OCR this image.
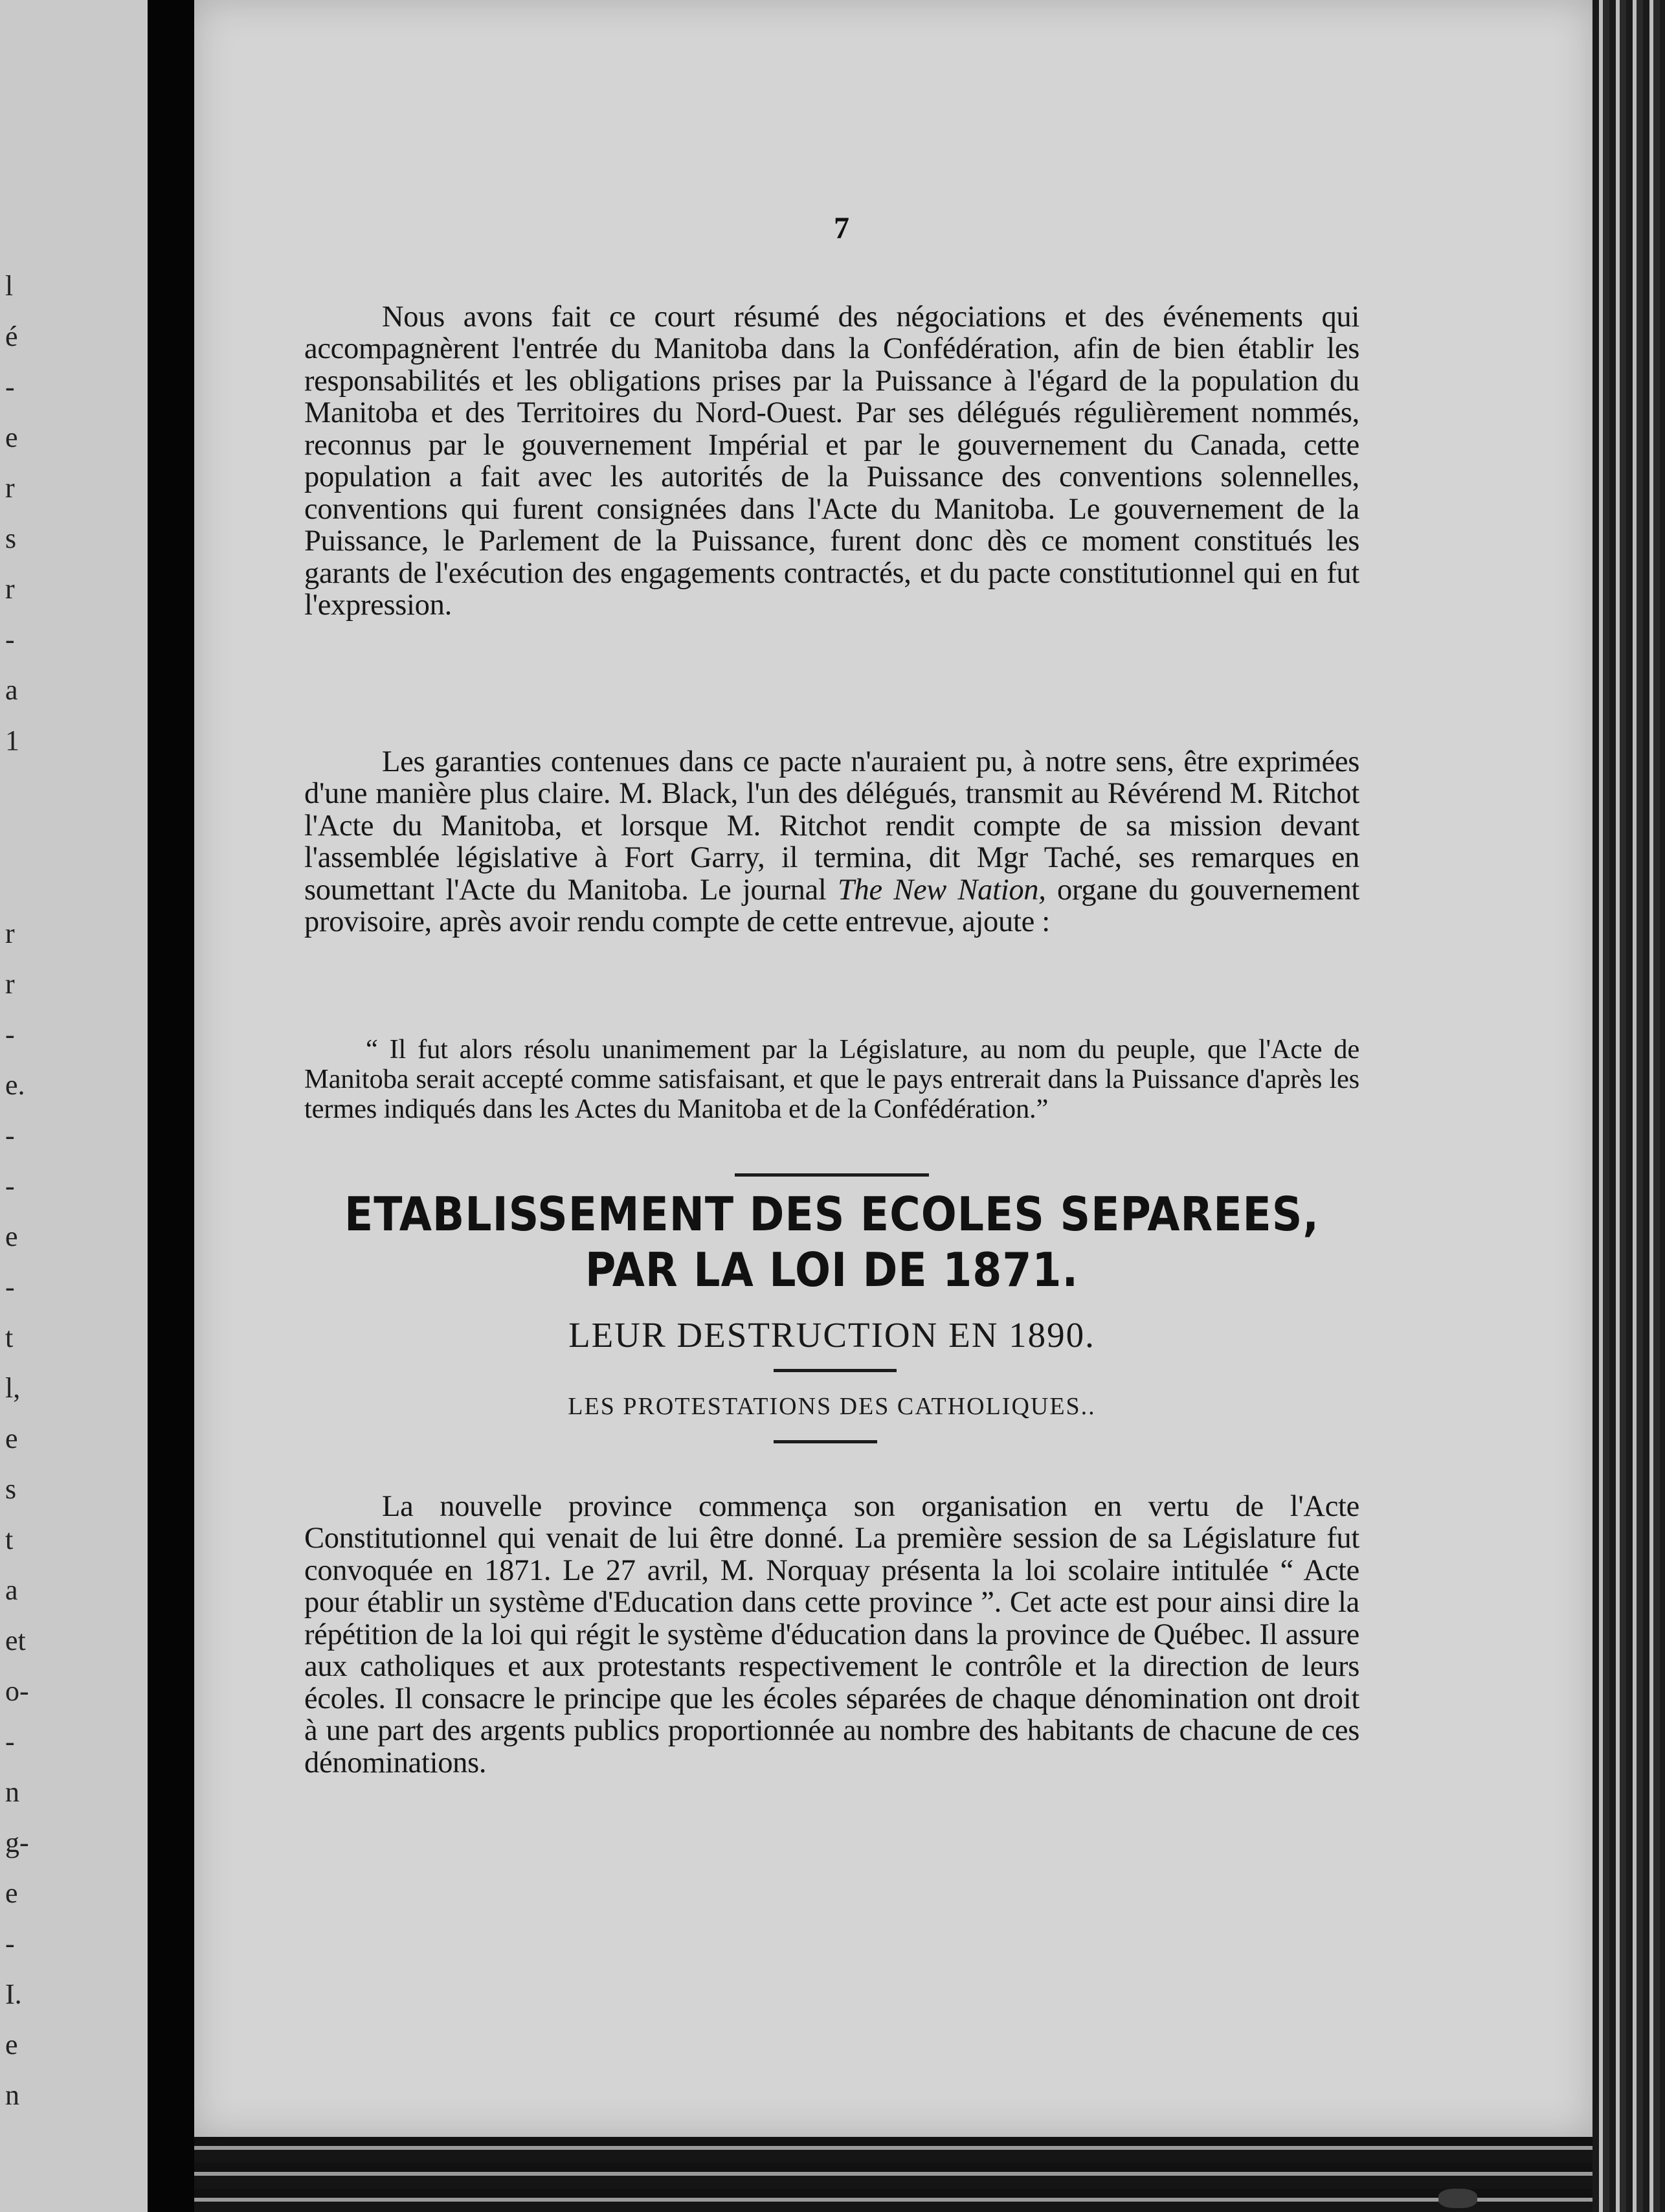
l
é
-
e
r
s
r
-
a
1
r
r
-
e.
-
-
e
-
t
l,
e
s
t
a
et
o-
-
n
g-
e
-
I.
e
n
7

Nous avons fait ce court résumé des négociations et des événements qui accompagnèrent l'entrée du Manitoba dans la Confédération, afin de bien établir les responsabilités et les obligations prises par la Puissance à l'égard de la population du Manitoba et des Territoires du Nord-Ouest. Par ses délégués régulièrement nommés, reconnus par le gouvernement Impérial et par le gouvernement du Canada, cette population a fait avec les autorités de la Puissance des conventions solennelles, conventions qui furent consignées dans l'Acte du Manitoba. Le gouvernement de la Puissance, le Parlement de la Puissance, furent donc dès ce moment constitués les garants de l'exécution des engagements contractés, et du pacte constitutionnel qui en fut l'expression.

Les garanties contenues dans ce pacte n'auraient pu, à notre sens, être exprimées d'une manière plus claire. M. Black, l'un des délégués, transmit au Révérend M. Ritchot l'Acte du Manitoba, et lorsque M. Ritchot rendit compte de sa mission devant l'assemblée législative à Fort Garry, il termina, dit Mgr Taché, ses remarques en soumettant l'Acte du Manitoba. Le journal The New Nation, organe du gouvernement provisoire, après avoir rendu compte de cette entrevue, ajoute :

“ Il fut alors résolu unanimement par la Législature, au nom du peuple, que l'Acte de Manitoba serait accepté comme satisfaisant, et que le pays entrerait dans la Puissance d'après les termes indiqués dans les Actes du Manitoba et de la Confédération.”

ETABLISSEMENT DES ECOLES SEPAREES,
PAR LA LOI DE 1871.
LEUR DESTRUCTION EN 1890.
LES PROTESTATIONS DES CATHOLIQUES..

La nouvelle province commença son organisation en vertu de l'Acte Constitutionnel qui venait de lui être donné. La première session de sa Législature fut convoquée en 1871. Le 27 avril, M. Norquay présenta la loi scolaire intitulée “ Acte pour établir un système d'Education dans cette province ”. Cet acte est pour ainsi dire la répétition de la loi qui régit le système d'éducation dans la province de Québec. Il assure aux catholiques et aux protestants respectivement le contrôle et la direction de leurs écoles. Il consacre le principe que les écoles séparées de chaque dénomination ont droit à une part des argents publics proportionnée au nombre des habitants de chacune de ces dénominations.
